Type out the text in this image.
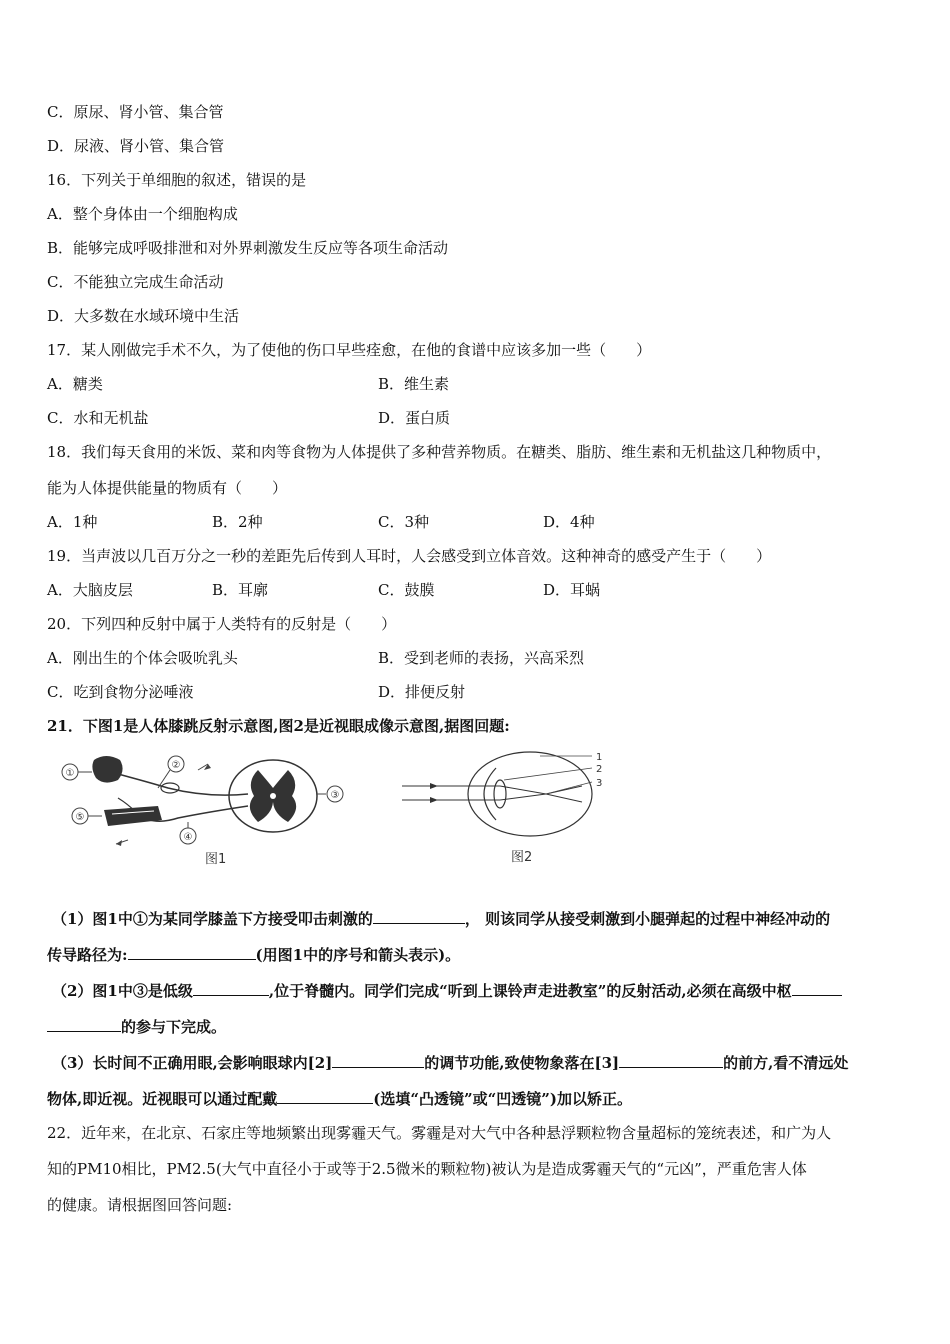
C．原尿、肾小管、集合管
D．尿液、肾小管、集合管
16．下列关于单细胞的叙述，错误的是
A．整个身体由一个细胞构成
B．能够完成呼吸排泄和对外界刺激发生反应等各项生命活动
C．不能独立完成生命活动
D．大多数在水域环境中生活
17．某人刚做完手术不久，为了使他的伤口早些痊愈，在他的食谱中应该多加一些（　　）
A．糖类	B．维生素
C．水和无机盐	D．蛋白质
18．我们每天食用的米饭、菜和肉等食物为人体提供了多种营养物质。在糖类、脂肪、维生素和无机盐这几种物质中，
能为人体提供能量的物质有（　　）
A．1种	B．2种	C．3种	D．4种
19．当声波以几百万分之一秒的差距先后传到人耳时，人会感受到立体音效。这种神奇的感受产生于（　　）
A．大脑皮层	B．耳廓	C．鼓膜	D．耳蜗
20．下列四种反射中属于人类特有的反射是（　　）
A．刚出生的个体会吸吮乳头	B．受到老师的表扬，兴高采烈
C．吃到食物分泌唾液	D．排便反射
21．下图1是人体膝跳反射示意图,图2是近视眼成像示意图,据图回题:
①
②
③
④
⑤
图1
1
2
3
图2
（1）图1中①为某同学膝盖下方接受叩击刺激的	， 则该同学从接受刺激到小腿弹起的过程中神经冲动的
传导路径为:	(用图1中的序号和箭头表示)。
（2）图1中③是低级	,位于脊髓内。同学们完成“听到上课铃声走进教室”的反射活动,必须在高级中枢
的参与下完成。
（3）长时间不正确用眼,会影响眼球内[2]	的调节功能,致使物象落在[3]	的前方,看不清远处
物体,即近视。近视眼可以通过配戴	(选填“凸透镜”或“凹透镜”)加以矫正。
22．近年来，在北京、石家庄等地频繁出现雾霾天气。雾霾是对大气中各种悬浮颗粒物含量超标的笼统表述，和广为人
知的PM10相比，PM2.5(大气中直径小于或等于2.5微米的颗粒物)被认为是造成雾霾天气的“元凶”，严重危害人体
的健康。请根据图回答问题:
